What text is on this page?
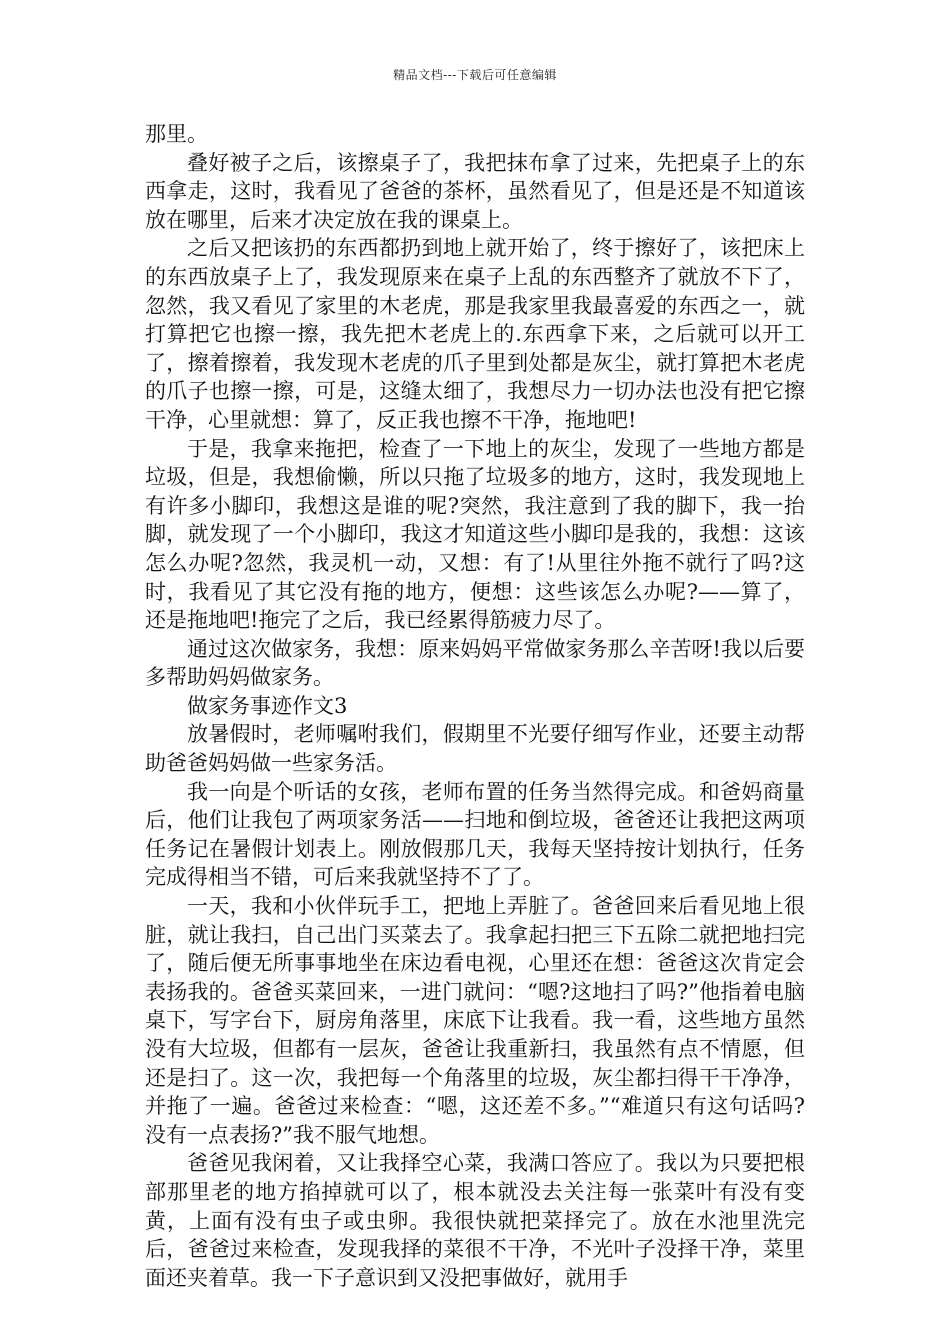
精品文档---下载后可任意编辑

那里。

叠好被子之后，该擦桌子了，我把抹布拿了过来，先把桌子上的东西拿走，这时，我看见了爸爸的茶杯，虽然看见了，但是还是不知道该放在哪里，后来才决定放在我的课桌上。

之后又把该扔的东西都扔到地上就开始了，终于擦好了，该把床上的东西放桌子上了，我发现原来在桌子上乱的东西整齐了就放不下了，忽然，我又看见了家里的木老虎，那是我家里我最喜爱的东西之一，就打算把它也擦一擦，我先把木老虎上的.东西拿下来，之后就可以开工了，擦着擦着，我发现木老虎的爪子里到处都是灰尘，就打算把木老虎的爪子也擦一擦，可是，这缝太细了，我想尽力一切办法也没有把它擦干净，心里就想：算了，反正我也擦不干净，拖地吧!

于是，我拿来拖把，检查了一下地上的灰尘，发现了一些地方都是垃圾，但是，我想偷懒，所以只拖了垃圾多的地方，这时，我发现地上有许多小脚印，我想这是谁的呢?突然，我注意到了我的脚下，我一抬脚，就发现了一个小脚印，我这才知道这些小脚印是我的，我想：这该怎么办呢?忽然，我灵机一动，又想：有了!从里往外拖不就行了吗?这时，我看见了其它没有拖的地方，便想：这些该怎么办呢?——算了，还是拖地吧!拖完了之后，我已经累得筋疲力尽了。

通过这次做家务，我想：原来妈妈平常做家务那么辛苦呀!我以后要多帮助妈妈做家务。

做家务事迹作文3

放暑假时，老师嘱咐我们，假期里不光要仔细写作业，还要主动帮助爸爸妈妈做一些家务活。

我一向是个听话的女孩，老师布置的任务当然得完成。和爸妈商量后，他们让我包了两项家务活——扫地和倒垃圾，爸爸还让我把这两项任务记在暑假计划表上。刚放假那几天，我每天坚持按计划执行，任务完成得相当不错，可后来我就坚持不了了。

一天，我和小伙伴玩手工，把地上弄脏了。爸爸回来后看见地上很脏，就让我扫，自己出门买菜去了。我拿起扫把三下五除二就把地扫完了，随后便无所事事地坐在床边看电视，心里还在想：爸爸这次肯定会表扬我的。爸爸买菜回来，一进门就问：“嗯?这地扫了吗?”他指着电脑桌下，写字台下，厨房角落里，床底下让我看。我一看，这些地方虽然没有大垃圾，但都有一层灰，爸爸让我重新扫，我虽然有点不情愿，但还是扫了。这一次，我把每一个角落里的垃圾，灰尘都扫得干干净净，并拖了一遍。爸爸过来检查：“嗯，这还差不多。”“难道只有这句话吗?没有一点表扬?”我不服气地想。

爸爸见我闲着，又让我择空心菜，我满口答应了。我以为只要把根部那里老的地方掐掉就可以了，根本就没去关注每一张菜叶有没有变黄，上面有没有虫子或虫卵。我很快就把菜择完了。放在水池里洗完后，爸爸过来检查，发现我择的菜很不干净，不光叶子没择干净，菜里面还夹着草。我一下子意识到又没把事做好，就用手
